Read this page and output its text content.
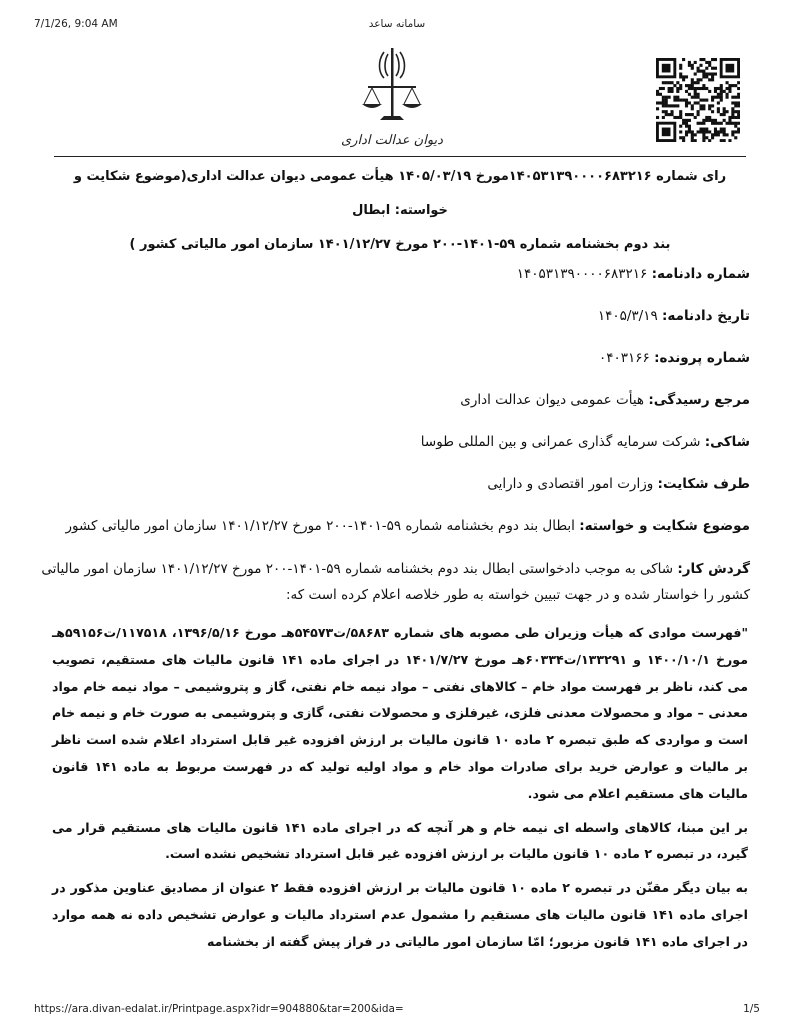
7/1/26, 9:04 AM	سامانه ساعد
دیوان عدالت اداری
رای شماره ۱۴۰۵۳۱۳۹۰۰۰۰۶۸۳۲۱۶مورخ ۱۴۰۵/۰۳/۱۹ هیأت عمومی دیوان عدالت اداری(موضوع شکایت و خواسته: ابطال
بند دوم بخشنامه شماره ۵۹-۱۴۰۱-۲۰۰ مورخ ۱۴۰۱/۱۲/۲۷ سازمان امور مالیاتی کشور )
شماره دادنامه: ۱۴۰۵۳۱۳۹۰۰۰۰۶۸۳۲۱۶
تاریخ دادنامه: ۱۴۰۵/۳/۱۹
شماره پرونده: ۰۴۰۳۱۶۶
مرجع رسیدگی: هیأت عمومی دیوان عدالت اداری
شاکی: شرکت سرمایه گذاری عمرانی و بین المللی طوسا
طرف شکایت: وزارت امور اقتصادی و دارایی
موضوع شکایت و خواسته: ابطال بند دوم بخشنامه شماره ۵۹-۱۴۰۱-۲۰۰ مورخ ۱۴۰۱/۱۲/۲۷ سازمان امور مالیاتی کشور
گردش کار: شاکی به موجب دادخواستی ابطال بند دوم بخشنامه شماره ۵۹-۱۴۰۱-۲۰۰ مورخ ۱۴۰۱/۱۲/۲۷ سازمان امور مالیاتی کشور را خواستار شده و در جهت تبیین خواسته به طور خلاصه اعلام کرده است که:

"فهرست موادی که هیأت وزیران طی مصوبه های شماره ۵۸۶۸۳/ت۵۴۵۷۳هـ مورخ ۱۳۹۶/۵/۱۶، ۱۱۷۵۱۸/ت۵۹۱۵۶هـ مورخ ۱۴۰۰/۱۰/۱ و ۱۳۳۲۹۱/ت۶۰۳۳۴هـ مورخ ۱۴۰۱/۷/۲۷ در اجرای ماده ۱۴۱ قانون مالیات های مستقیم، تصویب می کند، ناظر بر فهرست مواد خام – کالاهای نفتی – مواد نیمه خام نفتی، گاز و پتروشیمی – مواد نیمه خام مواد معدنی – مواد و محصولات معدنی فلزی، غیرفلزی و محصولات نفتی، گازی و پتروشیمی به صورت خام و نیمه خام است و مواردی که طبق تبصره ۲ ماده ۱۰ قانون مالیات بر ارزش افزوده غیر قابل استرداد اعلام شده است ناظر بر مالیات و عوارض خرید برای صادرات مواد خام و مواد اولیه تولید که در فهرست مربوط به ماده ۱۴۱ قانون مالیات های مستقیم اعلام می شود.

بر این مبنا، کالاهای واسطه ای نیمه خام و هر آنچه که در اجرای ماده ۱۴۱ قانون مالیات های مستقیم قرار می گیرد، در تبصره ۲ ماده ۱۰ قانون مالیات بر ارزش افزوده غیر قابل استرداد تشخیص نشده است.

به بیان دیگر مقنّن در تبصره ۲ ماده ۱۰ قانون مالیات بر ارزش افزوده فقط ۲ عنوان از مصادیق عناوین مذکور در اجرای ماده ۱۴۱ قانون مالیات های مستقیم را مشمول عدم استرداد مالیات و عوارض تشخیص داده نه همه موارد در اجرای ماده ۱۴۱ قانون مزبور؛ امّا سازمان امور مالیاتی در فراز پیش گفته از بخشنامه

https://ara.divan-edalat.ir/Printpage.aspx?idr=904880&tar=200&ida=	1/5
